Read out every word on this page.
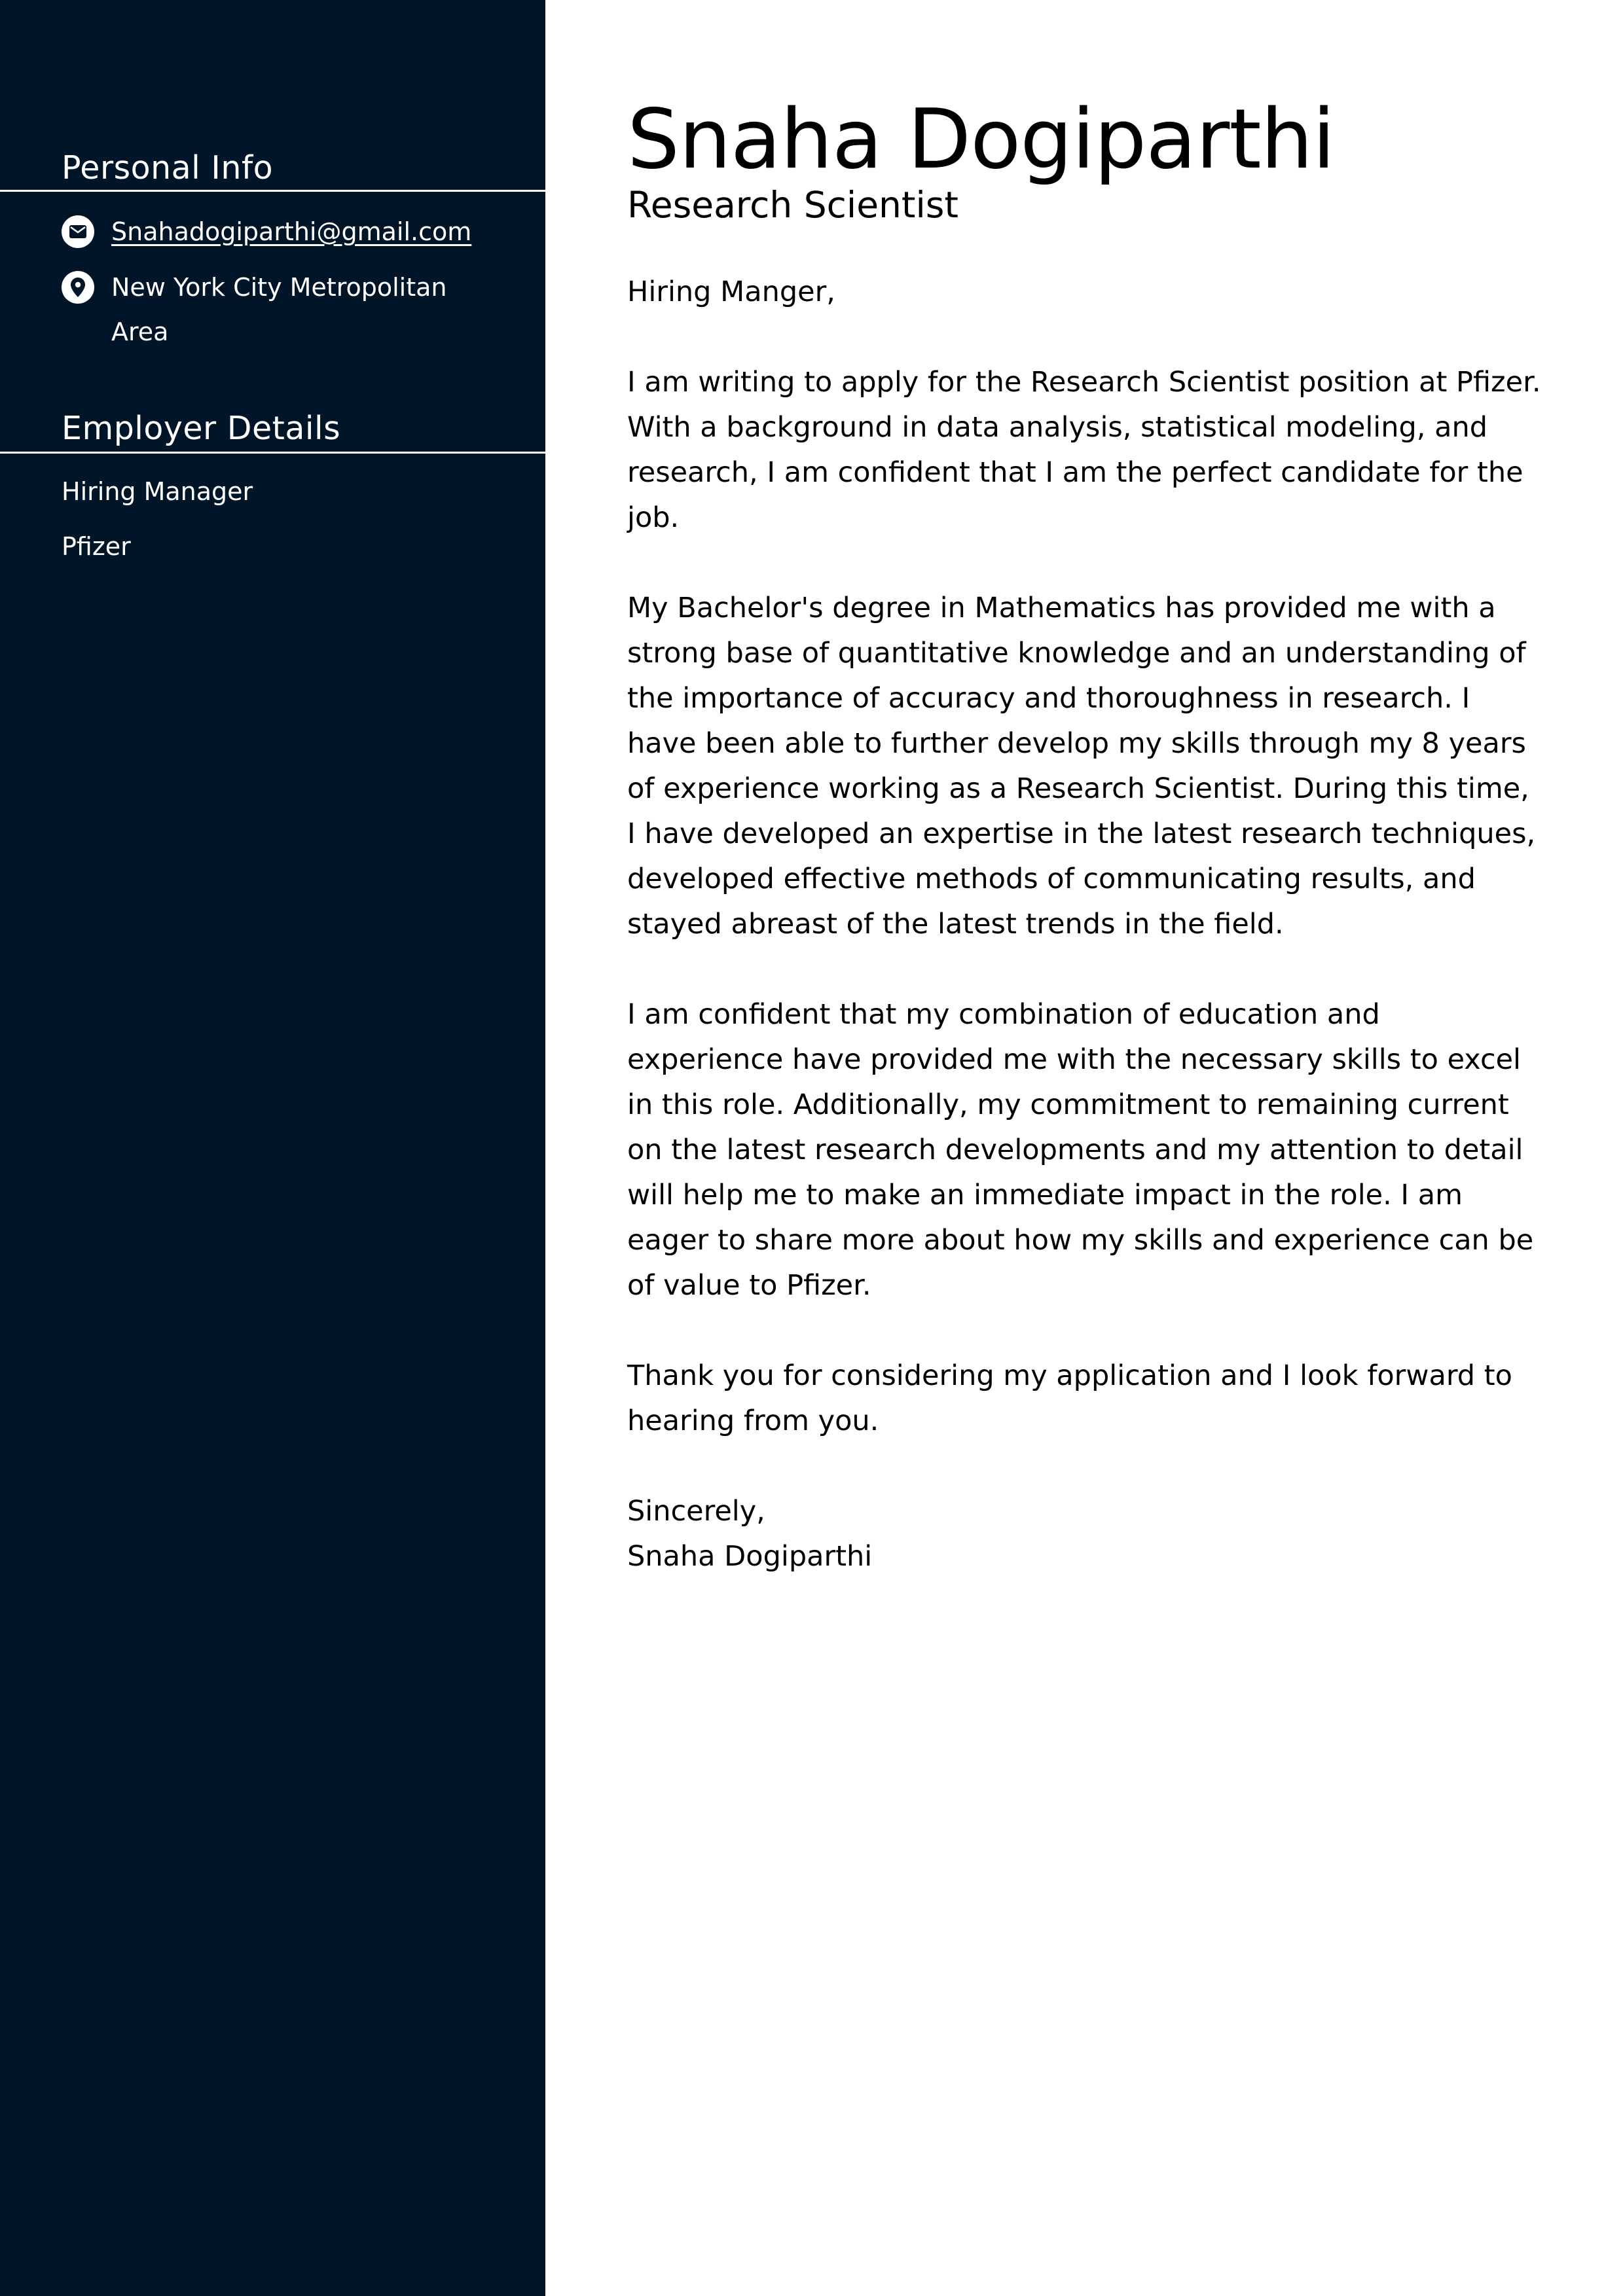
Personal Info
Snahadogiparthi@gmail.com
New York City Metropolitan Area
Employer Details
Hiring Manager
Pfizer
Snaha Dogiparthi
Research Scientist

Hiring Manger,

I am writing to apply for the Research Scientist position at Pfizer. With a background in data analysis, statistical modeling, and research, I am confident that I am the perfect candidate for the job.

My Bachelor's degree in Mathematics has provided me with a strong base of quantitative knowledge and an understanding of the importance of accuracy and thoroughness in research. I have been able to further develop my skills through my 8 years of experience working as a Research Scientist. During this time, I have developed an expertise in the latest research techniques, developed effective methods of communicating results, and stayed abreast of the latest trends in the field.

I am confident that my combination of education and experience have provided me with the necessary skills to excel in this role. Additionally, my commitment to remaining current on the latest research developments and my attention to detail will help me to make an immediate impact in the role. I am eager to share more about how my skills and experience can be of value to Pfizer.

Thank you for considering my application and I look forward to hearing from you.

Sincerely,

Snaha Dogiparthi
